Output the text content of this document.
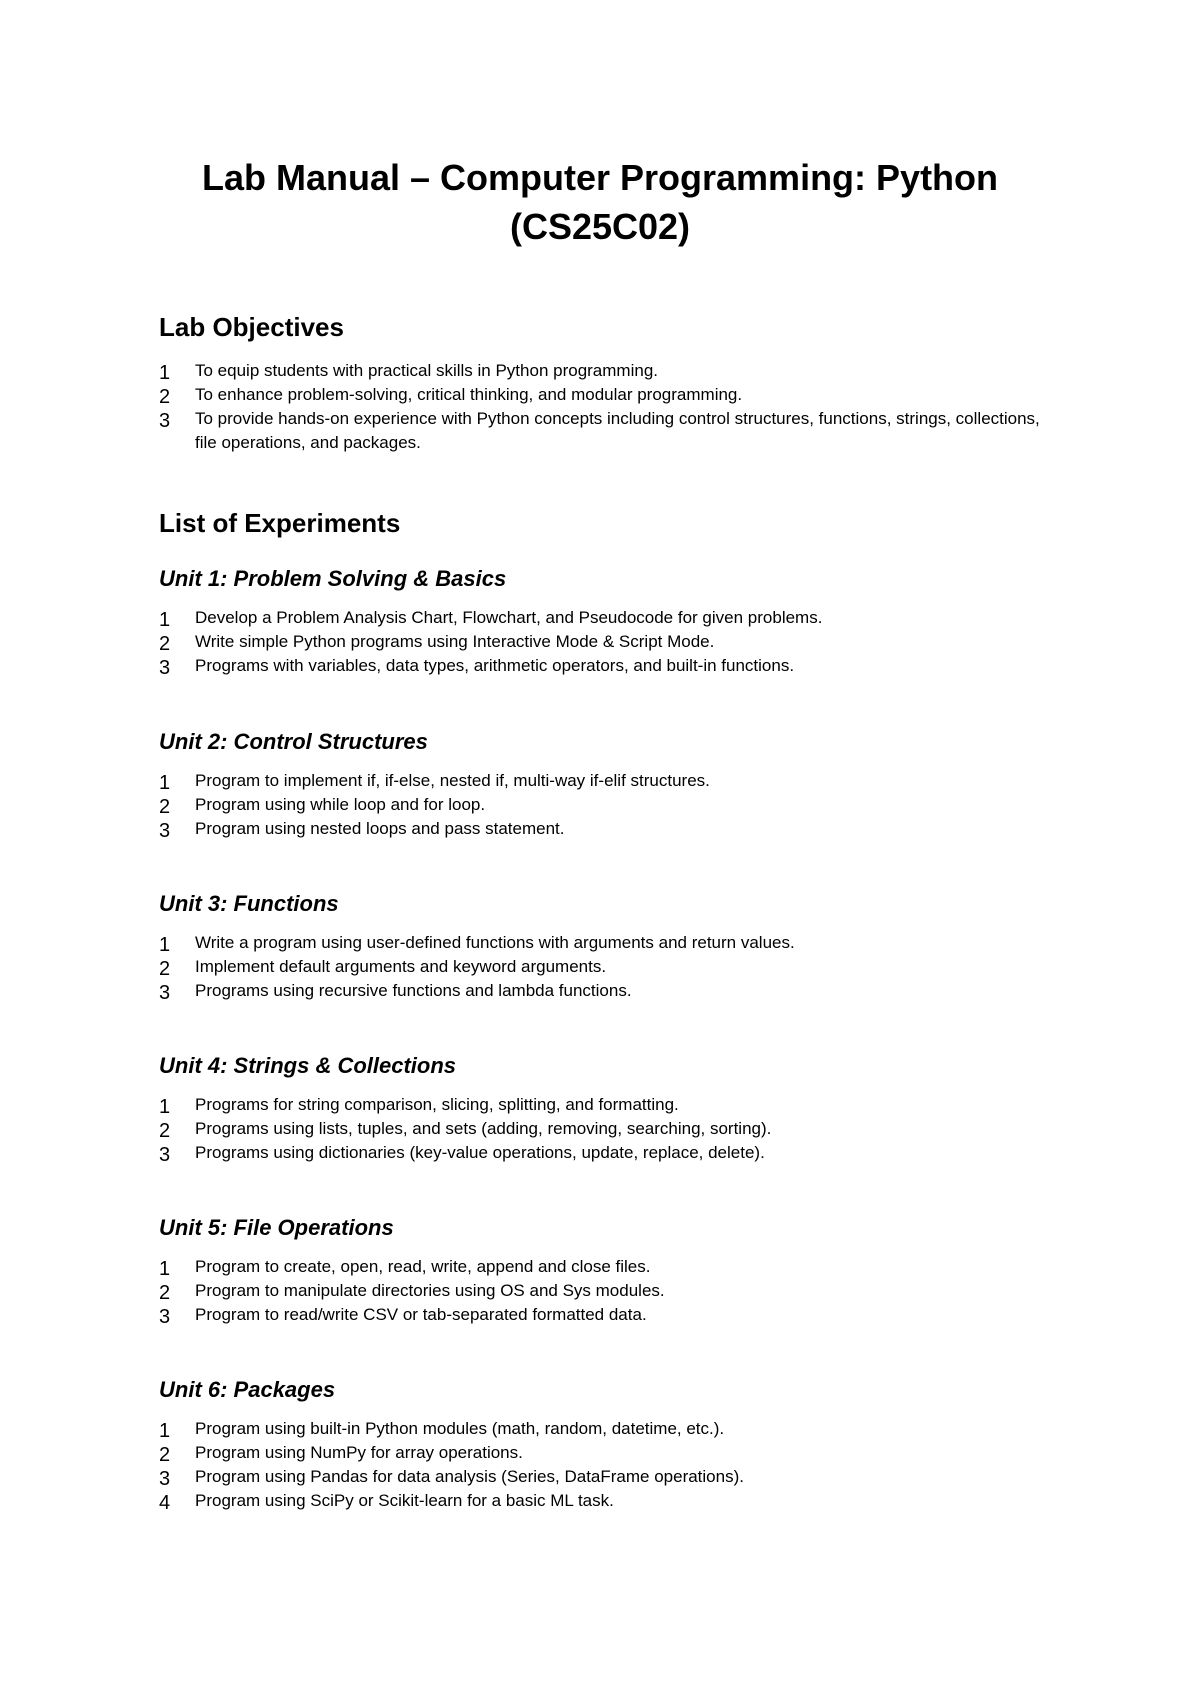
Lab Manual – Computer Programming: Python
(CS25C02)
Lab Objectives
1	To equip students with practical skills in Python programming.
2	To enhance problem-solving, critical thinking, and modular programming.
3	To provide hands-on experience with Python concepts including control structures, functions, strings, collections, file operations, and packages.
List of Experiments
Unit 1: Problem Solving & Basics
1	Develop a Problem Analysis Chart, Flowchart, and Pseudocode for given problems.
2	Write simple Python programs using Interactive Mode & Script Mode.
3	Programs with variables, data types, arithmetic operators, and built-in functions.
Unit 2: Control Structures
1	Program to implement if, if-else, nested if, multi-way if-elif structures.
2	Program using while loop and for loop.
3	Program using nested loops and pass statement.
Unit 3: Functions
1	Write a program using user-defined functions with arguments and return values.
2	Implement default arguments and keyword arguments.
3	Programs using recursive functions and lambda functions.
Unit 4: Strings & Collections
1	Programs for string comparison, slicing, splitting, and formatting.
2	Programs using lists, tuples, and sets (adding, removing, searching, sorting).
3	Programs using dictionaries (key-value operations, update, replace, delete).
Unit 5: File Operations
1	Program to create, open, read, write, append and close files.
2	Program to manipulate directories using OS and Sys modules.
3	Program to read/write CSV or tab-separated formatted data.
Unit 6: Packages
1	Program using built-in Python modules (math, random, datetime, etc.).
2	Program using NumPy for array operations.
3	Program using Pandas for data analysis (Series, DataFrame operations).
4	Program using SciPy or Scikit-learn for a basic ML task.
